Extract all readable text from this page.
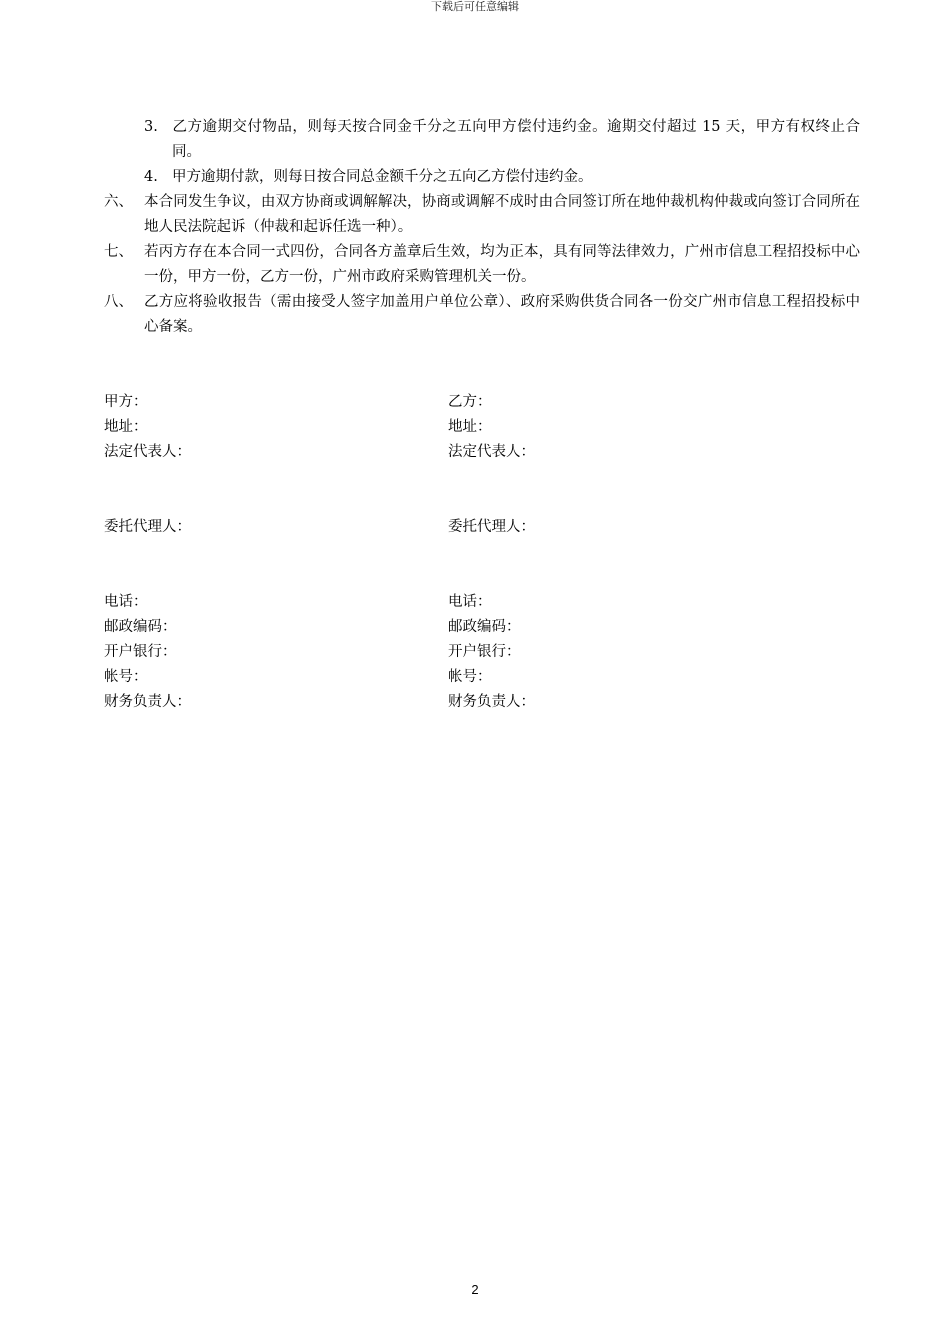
下载后可任意编辑
3. 乙方逾期交付物品，则每天按合同金千分之五向甲方偿付违约金。逾期交付超过 15 天，甲方有权终止合同。
4. 甲方逾期付款，则每日按合同总金额千分之五向乙方偿付违约金。
六、 本合同发生争议，由双方协商或调解解决，协商或调解不成时由合同签订所在地仲裁机构仲裁或向签订合同所在地人民法院起诉（仲裁和起诉任选一种）。
七、 若丙方存在本合同一式四份，合同各方盖章后生效，均为正本，具有同等法律效力，广州市信息工程招投标中心一份，甲方一份，乙方一份，广州市政府采购管理机关一份。
八、 乙方应将验收报告（需由接受人签字加盖用户单位公章）、政府采购供货合同各一份交广州市信息工程招投标中心备案。
甲方：
地址：
法定代表人：
委托代理人：
电话：
邮政编码：
开户银行：
帐号：
财务负责人：
乙方：
地址：
法定代表人：
委托代理人：
电话：
邮政编码：
开户银行：
帐号：
财务负责人：
2
